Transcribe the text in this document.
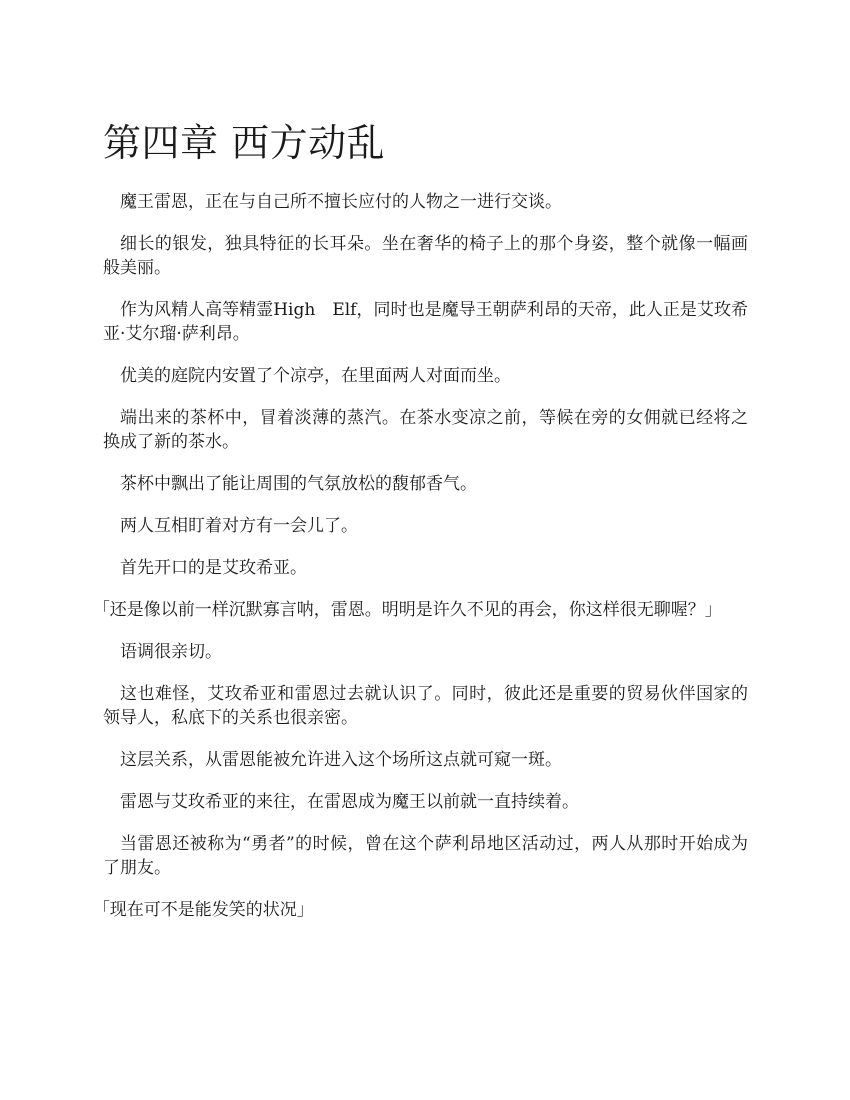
第四章 西方动乱

魔王雷恩，正在与自己所不擅长应付的人物之一进行交谈。

细长的银发，独具特征的长耳朵。坐在奢华的椅子上的那个身姿，整个就像一幅画般美丽。

作为风精人高等精霊High　Elf，同时也是魔导王朝萨利昂的天帝，此人正是艾玫希亚·艾尔瑠·萨利昂。

优美的庭院内安置了个凉亭，在里面两人对面而坐。

端出来的茶杯中，冒着淡薄的蒸汽。在茶水变凉之前，等候在旁的女佣就已经将之换成了新的茶水。

茶杯中飘出了能让周围的气氛放松的馥郁香气。

两人互相盯着对方有一会儿了。

首先开口的是艾玫希亚。

「还是像以前一样沉默寡言呐，雷恩。明明是许久不见的再会，你这样很无聊喔？」

语调很亲切。

这也难怪，艾玫希亚和雷恩过去就认识了。同时，彼此还是重要的贸易伙伴国家的领导人，私底下的关系也很亲密。

这层关系，从雷恩能被允许进入这个场所这点就可窥一斑。

雷恩与艾玫希亚的来往，在雷恩成为魔王以前就一直持续着。

当雷恩还被称为“勇者”的时候，曾在这个萨利昂地区活动过，两人从那时开始成为了朋友。

「现在可不是能发笑的状况」
